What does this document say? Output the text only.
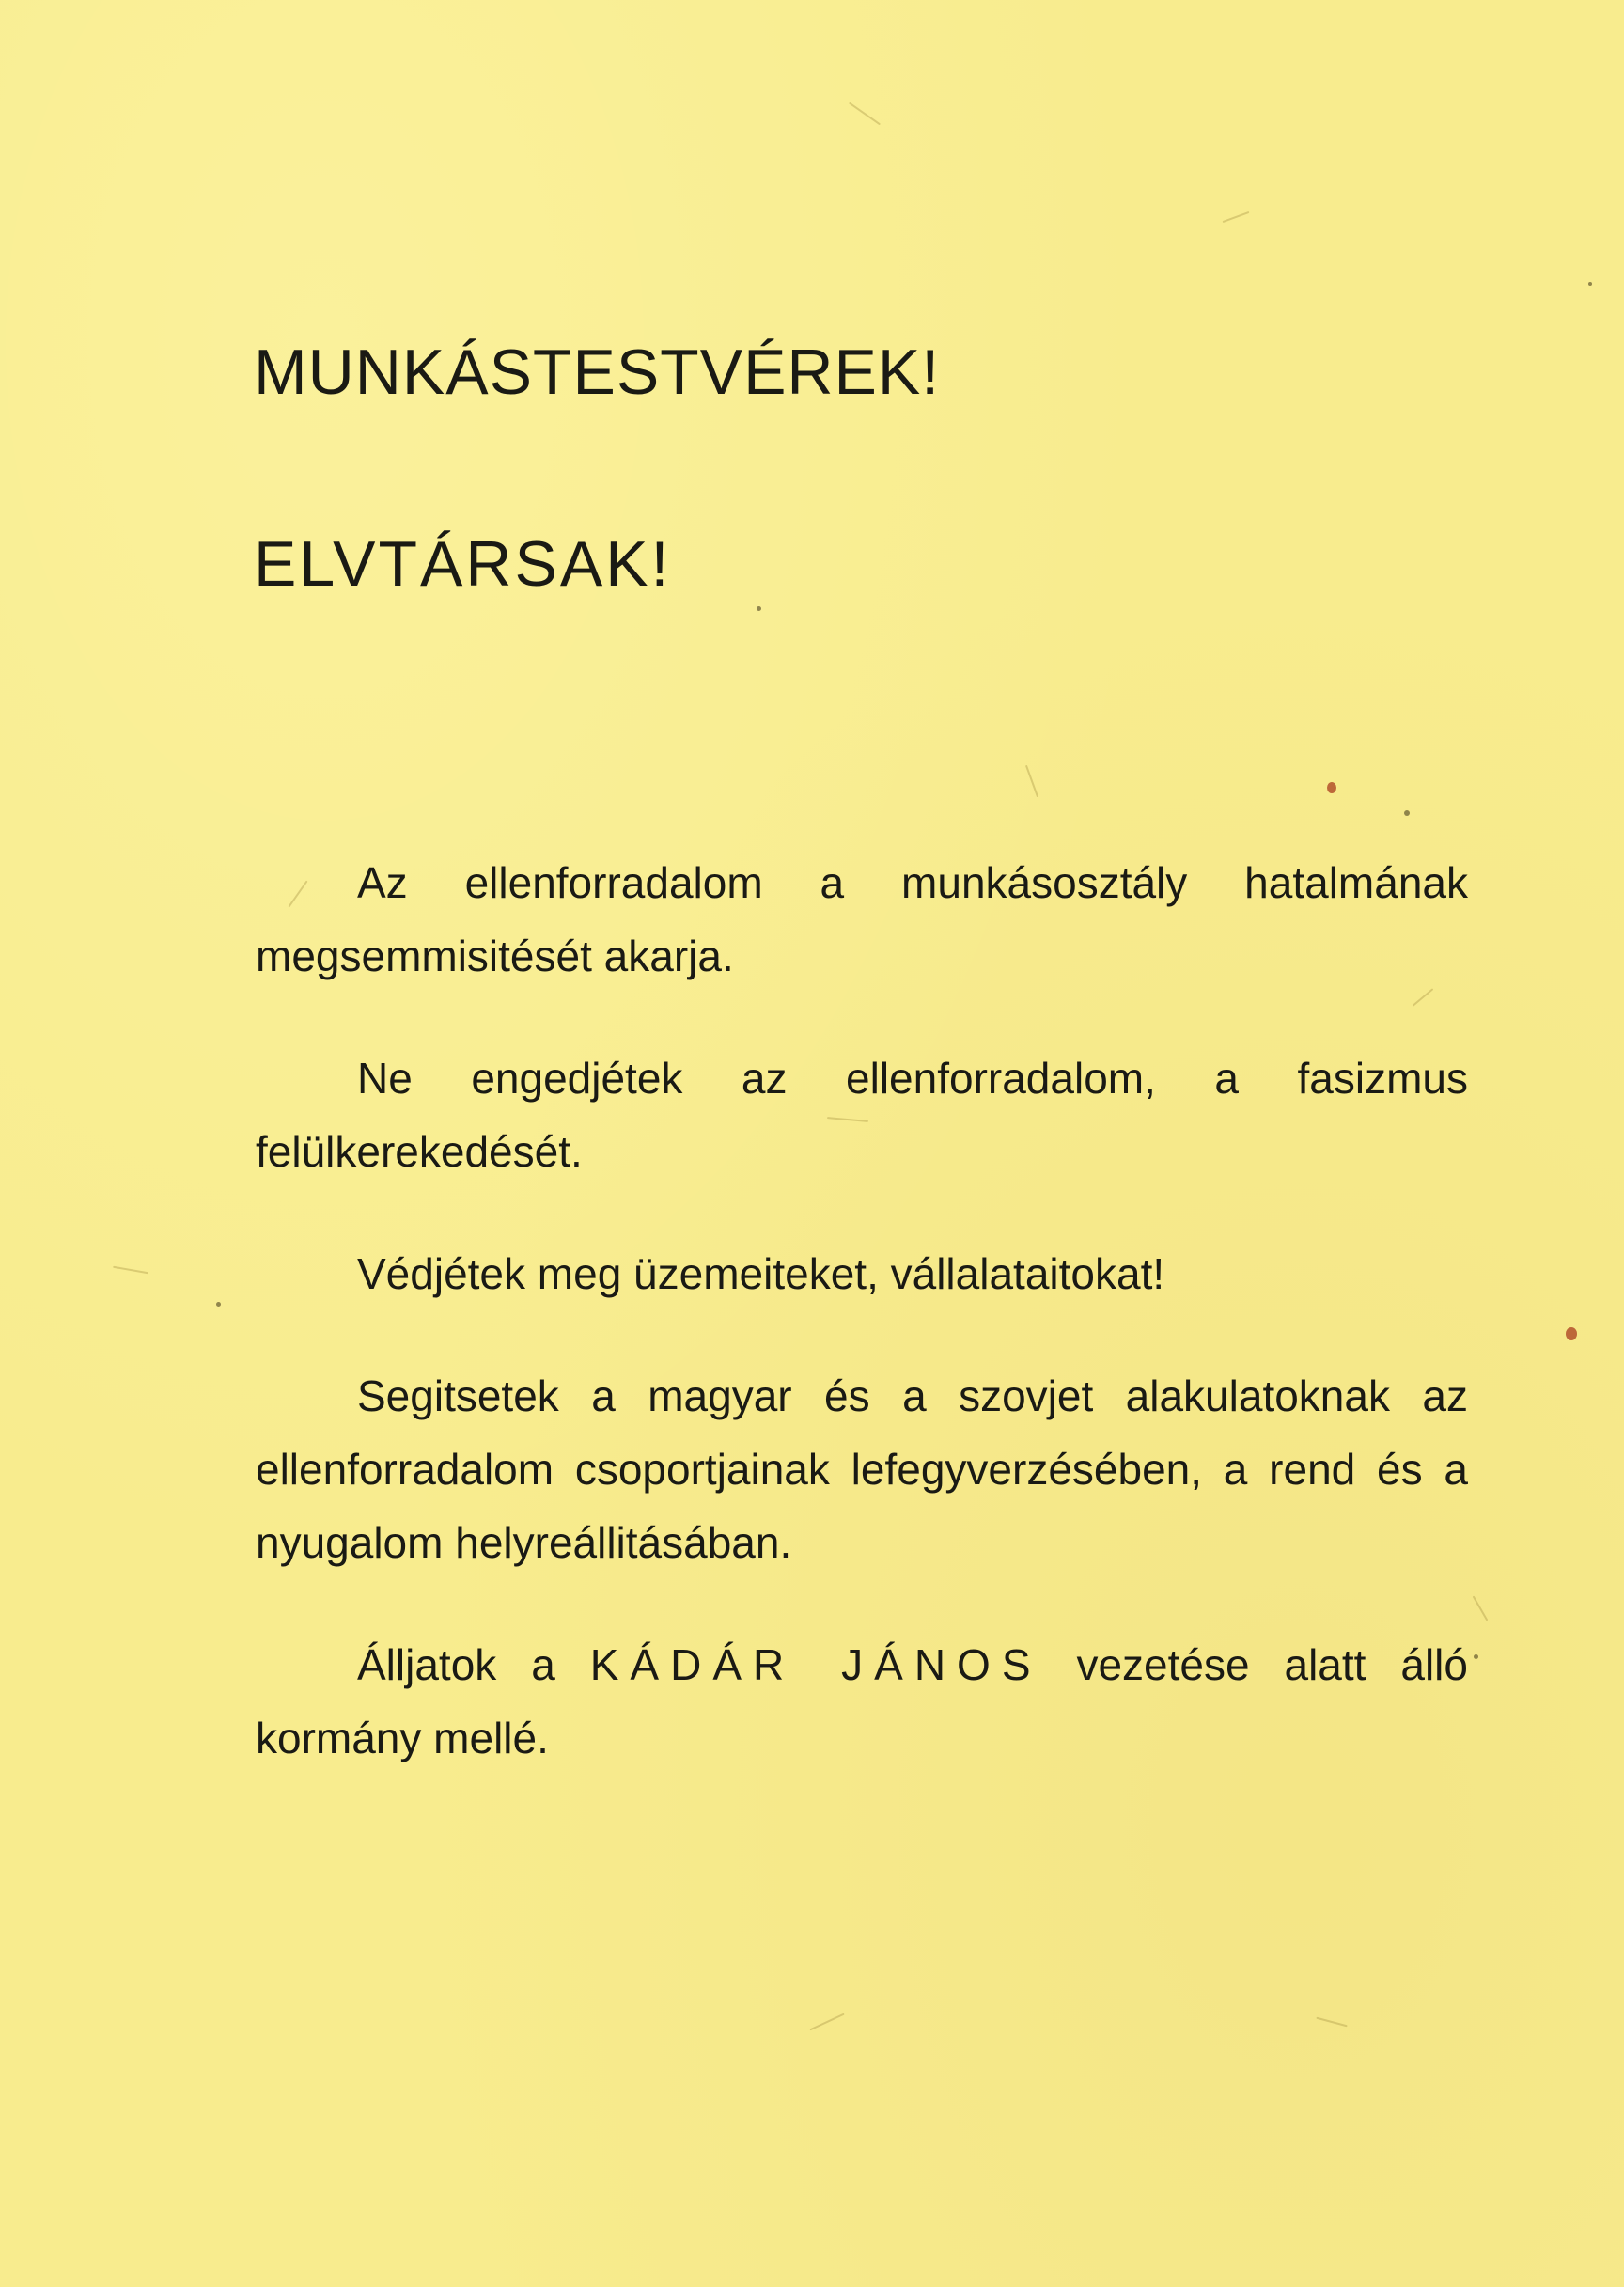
MUNKÁSTESTVÉREK!
ELVTÁRSAK!

Az ellenforradalom a munkásosztály hatalmának megsemmisitését akarja.

Ne engedjétek az ellenforradalom, a fasizmus felülkerekedését.

Védjétek meg üzemeiteket, vállalataitokat!

Segitsetek a magyar és a szovjet alakulatoknak az ellenforradalom csoportjainak lefegyverzésében, a rend és a nyugalom helyreállitásában.

Álljatok a KÁDÁR JÁNOS vezetése alatt álló kormány mellé.
